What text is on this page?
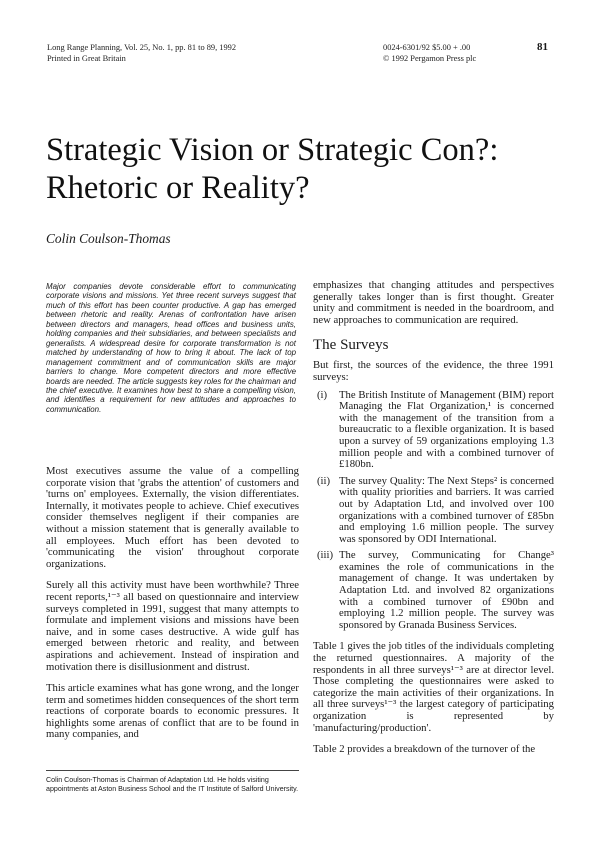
Long Range Planning, Vol. 25, No. 1, pp. 81 to 89, 1992
Printed in Great Britain
0024-6301/92 $5.00 + .00
© 1992 Pergamon Press plc
81
Strategic Vision or Strategic Con?:
Rhetoric or Reality?
Colin Coulson-Thomas

Major companies devote considerable effort to communicating corporate visions and missions. Yet three recent surveys suggest that much of this effort has been counter productive. A gap has emerged between rhetoric and reality. Arenas of confrontation have arisen between directors and managers, head offices and business units, holding companies and their subsidiaries, and between specialists and generalists. A widespread desire for corporate transformation is not matched by understanding of how to bring it about. The lack of top management commitment and of communication skills are major barriers to change. More competent directors and more effective boards are needed. The article suggests key roles for the chairman and the chief executive. It examines how best to share a compelling vision, and identifies a requirement for new attitudes and approaches to communication.

Most executives assume the value of a compelling corporate vision that 'grabs the attention' of customers and 'turns on' employees. Externally, the vision differentiates. Internally, it motivates people to achieve. Chief executives consider themselves negligent if their companies are without a mission statement that is generally available to all employees. Much effort has been devoted to 'communicating the vision' throughout corporate organizations.

Surely all this activity must have been worthwhile? Three recent reports,¹⁻³ all based on questionnaire and interview surveys completed in 1991, suggest that many attempts to formulate and implement visions and missions have been naive, and in some cases destructive. A wide gulf has emerged between rhetoric and reality, and between aspirations and achievement. Instead of inspiration and motivation there is disillusionment and distrust.

This article examines what has gone wrong, and the longer term and sometimes hidden consequences of the short term reactions of corporate boards to economic pressures. It highlights some arenas of conflict that are to be found in many companies, and

Colin Coulson-Thomas is Chairman of Adaptation Ltd. He holds visiting appointments at Aston Business School and the IT Institute of Salford University.

emphasizes that changing attitudes and perspectives generally takes longer than is first thought. Greater unity and commitment is needed in the boardroom, and new approaches to communication are required.

The Surveys

But first, the sources of the evidence, the three 1991 surveys:

(i)	The British Institute of Management (BIM) report Managing the Flat Organization,¹ is concerned with the management of the transition from a bureaucratic to a flexible organization. It is based upon a survey of 59 organizations employing 1.3 million people and with a combined turnover of £180bn.
(ii) The survey Quality: The Next Steps² is concerned with quality priorities and barriers. It was carried out by Adaptation Ltd, and involved over 100 organizations with a combined turnover of £85bn and employing 1.6 million people. The survey was sponsored by ODI International.
(iii) The survey, Communicating for Change³ examines the role of communications in the management of change. It was undertaken by Adaptation Ltd. and involved 82 organizations with a combined turnover of £90bn and employing 1.2 million people. The survey was sponsored by Granada Business Services.

Table 1 gives the job titles of the individuals completing the returned questionnaires. A majority of the respondents in all three surveys¹⁻³ are at director level. Those completing the questionnaires were asked to categorize the main activities of their organizations. In all three surveys¹⁻³ the largest category of participating organization is represented by 'manufacturing/production'.

Table 2 provides a breakdown of the turnover of the
